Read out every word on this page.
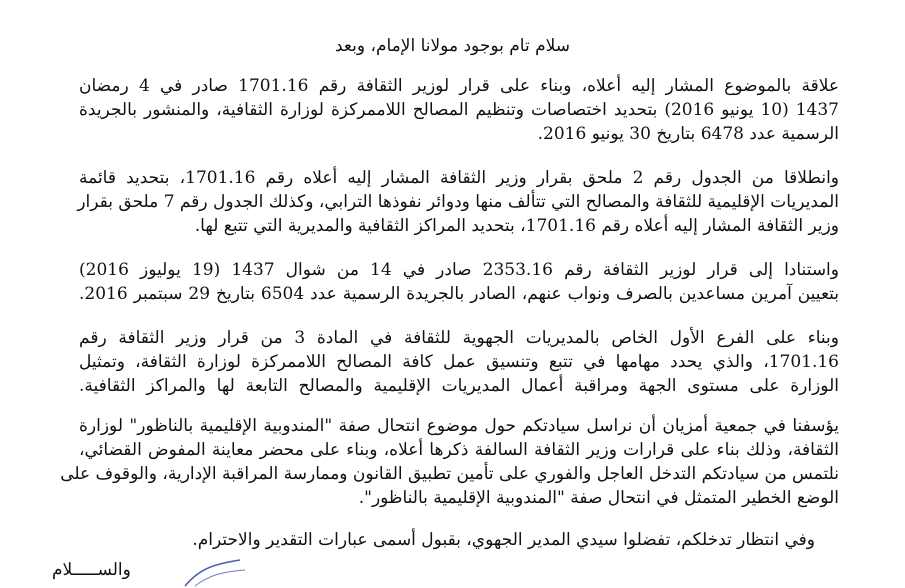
سلام تام بوجود مولانا الإمام، وبعد
علاقة بالموضوع المشار إليه أعلاه، وبناء على قرار لوزير الثقافة رقم 1701.16 صادر في 4 رمضان
1437 (10 يونيو 2016) بتحديد اختصاصات وتنظيم المصالح اللاممركزة لوزارة الثقافية، والمنشور بالجريدة
الرسمية عدد 6478 بتاريخ 30 يونيو 2016.
وانطلاقا من الجدول رقم 2 ملحق بقرار وزير الثقافة المشار إليه أعلاه رقم 1701.16، بتحديد قائمة
المديريات الإقليمية للثقافة والمصالح التي تتألف منها ودوائر نفوذها الترابي، وكذلك الجدول رقم 7 ملحق بقرار
وزير الثقافة المشار إليه أعلاه رقم 1701.16، بتحديد المراكز الثقافية والمديرية التي تتبع لها.
واستنادا إلى قرار لوزير الثقافة رقم 2353.16 صادر في 14 من شوال 1437 (19 يوليوز 2016)
بتعيين آمرين مساعدين بالصرف ونواب عنهم، الصادر بالجريدة الرسمية عدد 6504 بتاريخ 29 سبتمبر 2016.
وبناء على الفرع الأول الخاص بالمديريات الجهوية للثقافة في المادة 3 من قرار وزير الثقافة رقم
1701.16، والذي يحدد مهامها في تتبع وتنسيق عمل كافة المصالح اللاممركزة لوزارة الثقافة، وتمثيل
الوزارة على مستوى الجهة ومراقبة أعمال المديريات الإقليمية والمصالح التابعة لها والمراكز الثقافية.
يؤسفنا في جمعية أمزيان أن نراسل سيادتكم حول موضوع انتحال صفة "المندوبية الإقليمية بالناظور" لوزارة
الثقافة، وذلك بناء على قرارات وزير الثقافة السالفة ذكرها أعلاه، وبناء على محضر معاينة المفوض القضائي،
نلتمس من سيادتكم التدخل العاجل والفوري على تأمين تطبيق القانون وممارسة المراقبة الإدارية، والوقوف على
الوضع الخطير المتمثل في انتحال صفة "المندوبية الإقليمية بالناظور".
وفي انتظار تدخلكم، تفضلوا سيدي المدير الجهوي، بقبول أسمى عبارات التقدير والاحترام.
والســـــلام
